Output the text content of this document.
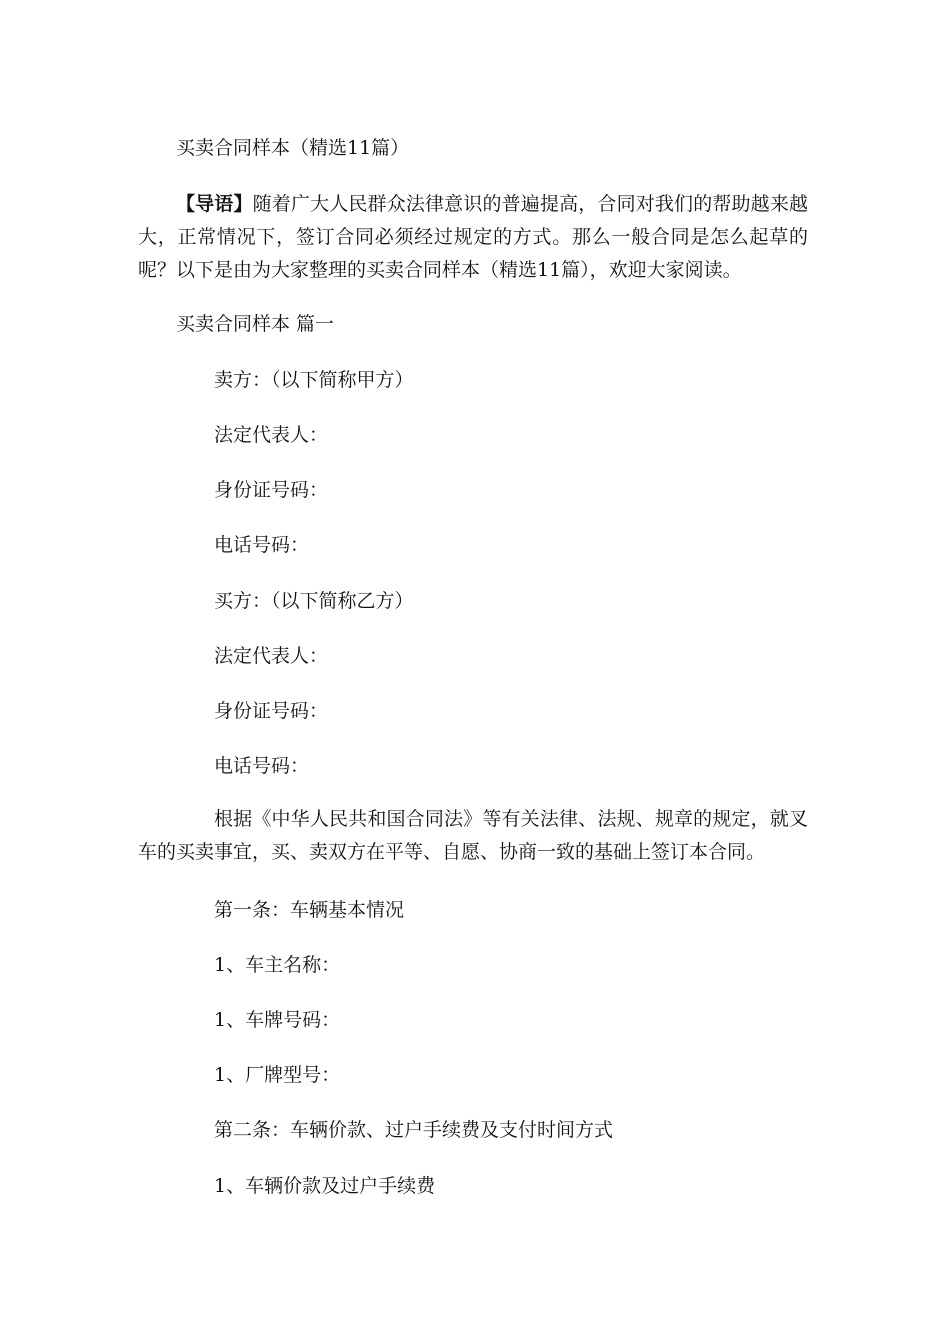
买卖合同样本（精选11篇）

【导语】随着广大人民群众法律意识的普遍提高，合同对我们的帮助越来越大，正常情况下，签订合同必须经过规定的方式。那么一般合同是怎么起草的呢？以下是由为大家整理的买卖合同样本（精选11篇），欢迎大家阅读。

买卖合同样本 篇一

卖方：（以下简称甲方）

法定代表人：

身份证号码：

电话号码：

买方：（以下简称乙方）

法定代表人：

身份证号码：

电话号码：

根据《中华人民共和国合同法》等有关法律、法规、规章的规定，就叉车的买卖事宜，买、卖双方在平等、自愿、协商一致的基础上签订本合同。

第一条：车辆基本情况

1、车主名称：

1、车牌号码：

1、厂牌型号：

第二条：车辆价款、过户手续费及支付时间方式

1、车辆价款及过户手续费
